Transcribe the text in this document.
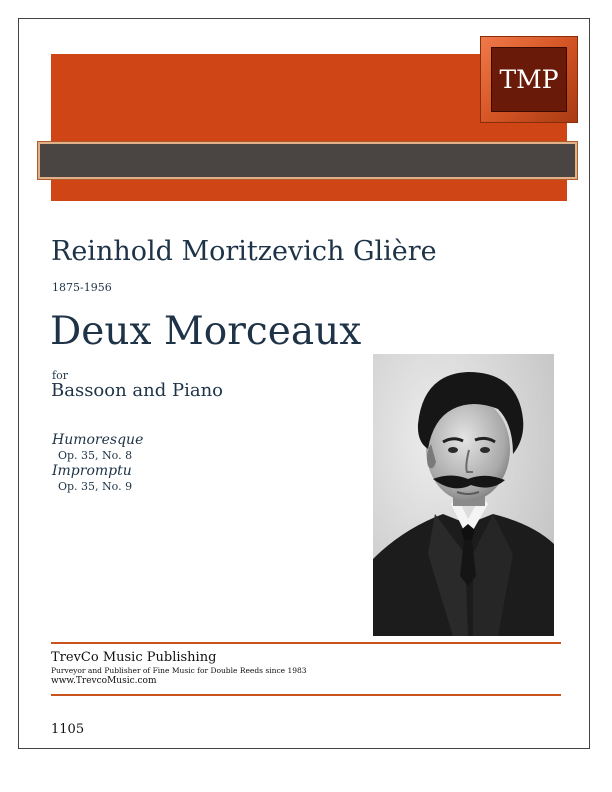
TMP
Reinhold Moritzevich Glière
1875-1956
Deux Morceaux
for
Bassoon and Piano
Humoresque
Op. 35, No. 8
Impromptu
Op. 35, No. 9
TrevCo Music Publishing
Purveyor and Publisher of Fine Music for Double Reeds since 1983
www.TrevcoMusic.com
1105
